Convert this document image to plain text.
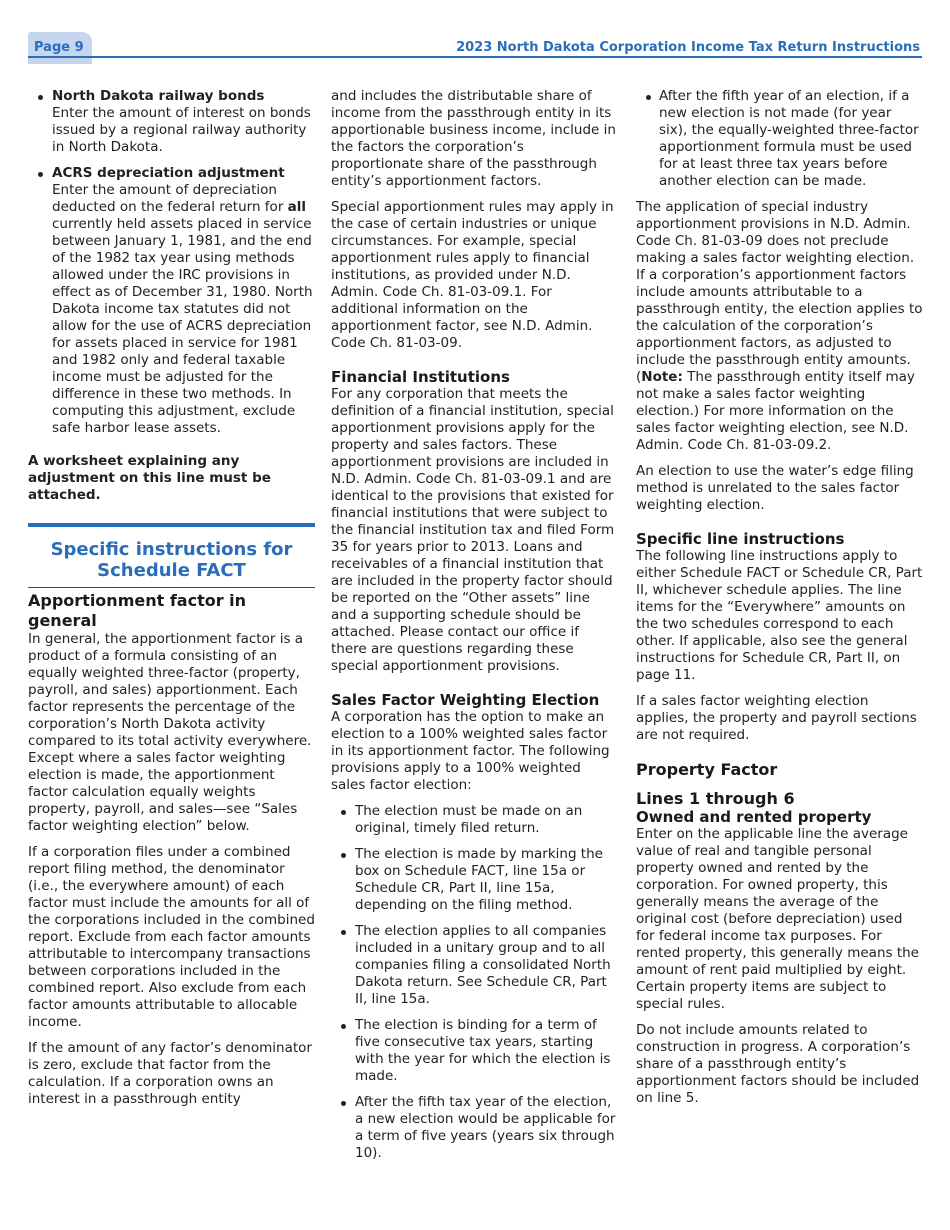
Page 9	2023 North Dakota Corporation Income Tax Return Instructions
North Dakota railway bonds
Enter the amount of interest on bonds issued by a regional railway authority in North Dakota.
ACRS depreciation adjustment
Enter the amount of depreciation deducted on the federal return for all currently held assets placed in service between January 1, 1981, and the end of the 1982 tax year using methods allowed under the IRC provisions in effect as of December 31, 1980. North Dakota income tax statutes did not allow for the use of ACRS depreciation for assets placed in service for 1981 and 1982 only and federal taxable income must be adjusted for the difference in these two methods. In computing this adjustment, exclude safe harbor lease assets.

A worksheet explaining any adjustment on this line must be attached.

Specific instructions for
Schedule FACT
Apportionment factor in general

In general, the apportionment factor is a product of a formula consisting of an equally weighted three-factor (property, payroll, and sales) apportionment. Each factor represents the percentage of the corporation’s North Dakota activity compared to its total activity everywhere. Except where a sales factor weighting election is made, the apportionment factor calculation equally weights property, payroll, and sales—see “Sales factor weighting election” below.

If a corporation files under a combined report filing method, the denominator (i.e., the everywhere amount) of each factor must include the amounts for all of the corporations included in the combined report. Exclude from each factor amounts attributable to intercompany transactions between corporations included in the combined report. Also exclude from each factor amounts attributable to allocable income.

If the amount of any factor’s denominator is zero, exclude that factor from the calculation. If a corporation owns an interest in a passthrough entity

and includes the distributable share of income from the passthrough entity in its apportionable business income, include in the factors the corporation’s proportionate share of the passthrough entity’s apportionment factors.

Special apportionment rules may apply in the case of certain industries or unique circumstances. For example, special apportionment rules apply to financial institutions, as provided under N.D. Admin. Code Ch. 81-03-09.1. For additional information on the apportionment factor, see N.D. Admin. Code Ch. 81-03-09.

Financial Institutions

For any corporation that meets the definition of a financial institution, special apportionment provisions apply for the property and sales factors. These apportionment provisions are included in N.D. Admin. Code Ch. 81-03-09.1 and are identical to the provisions that existed for financial institutions that were subject to the financial institution tax and filed Form 35 for years prior to 2013. Loans and receivables of a financial institution that are included in the property factor should be reported on the “Other assets” line and a supporting schedule should be attached. Please contact our office if there are questions regarding these special apportionment provisions.

Sales Factor Weighting Election

A corporation has the option to make an election to a 100% weighted sales factor in its apportionment factor. The following provisions apply to a 100% weighted sales factor election:

The election must be made on an original, timely filed return.
The election is made by marking the box on Schedule FACT, line 15a or Schedule CR, Part II, line 15a, depending on the filing method.
The election applies to all companies included in a unitary group and to all companies filing a consolidated North Dakota return. See Schedule CR, Part II, line 15a.
The election is binding for a term of five consecutive tax years, starting with the year for which the election is made.
After the fifth tax year of the election, a new election would be applicable for a term of five years (years six through 10).
After the fifth year of an election, if a new election is not made (for year six), the equally-weighted three-factor apportionment formula must be used for at least three tax years before another election can be made.

The application of special industry apportionment provisions in N.D. Admin. Code Ch. 81-03-09 does not preclude making a sales factor weighting election. If a corporation’s apportionment factors include amounts attributable to a passthrough entity, the election applies to the calculation of the corporation’s apportionment factors, as adjusted to include the passthrough entity amounts. (Note: The passthrough entity itself may not make a sales factor weighting election.) For more information on the sales factor weighting election, see N.D. Admin. Code Ch. 81-03-09.2.

An election to use the water’s edge filing method is unrelated to the sales factor weighting election.

Specific line instructions

The following line instructions apply to either Schedule FACT or Schedule CR, Part II, whichever schedule applies. The line items for the “Everywhere” amounts on the two schedules correspond to each other. If applicable, also see the general instructions for Schedule CR, Part II, on page 11.

If a sales factor weighting election applies, the property and payroll sections are not required.

Property Factor
Lines 1 through 6
Owned and rented property

Enter on the applicable line the average value of real and tangible personal property owned and rented by the corporation. For owned property, this generally means the average of the original cost (before depreciation) used for federal income tax purposes. For rented property, this generally means the amount of rent paid multiplied by eight. Certain property items are subject to special rules.

Do not include amounts related to construction in progress. A corporation’s share of a passthrough entity’s apportionment factors should be included on line 5.
